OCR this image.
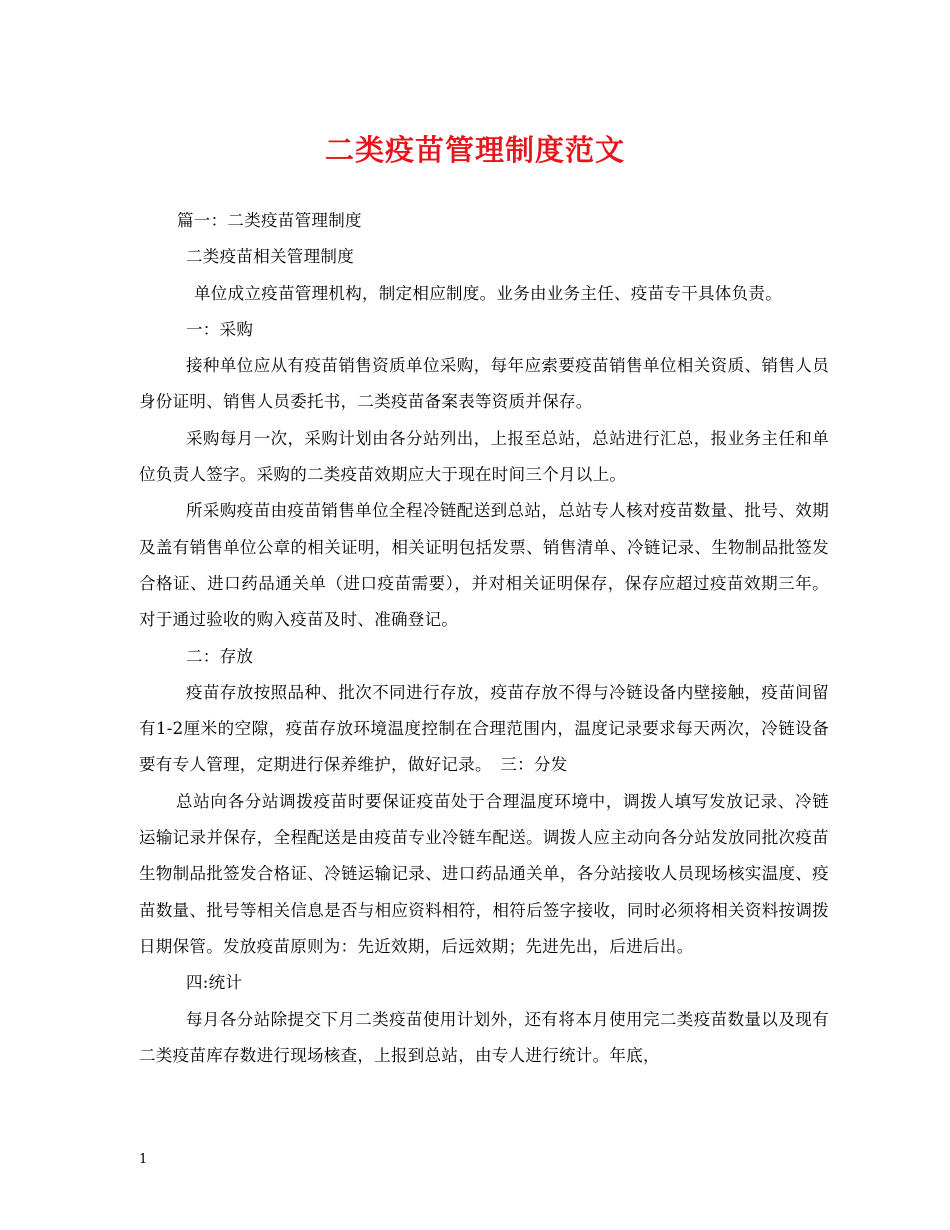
二类疫苗管理制度范文

篇一：二类疫苗管理制度

二类疫苗相关管理制度

单位成立疫苗管理机构，制定相应制度。业务由业务主任、疫苗专干具体负责。

一：采购

接种单位应从有疫苗销售资质单位采购，每年应索要疫苗销售单位相关资质、销售人员身份证明、销售人员委托书，二类疫苗备案表等资质并保存。

采购每月一次，采购计划由各分站列出，上报至总站，总站进行汇总，报业务主任和单位负责人签字。采购的二类疫苗效期应大于现在时间三个月以上。

所采购疫苗由疫苗销售单位全程冷链配送到总站，总站专人核对疫苗数量、批号、效期及盖有销售单位公章的相关证明，相关证明包括发票、销售清单、冷链记录、生物制品批签发合格证、进口药品通关单（进口疫苗需要），并对相关证明保存，保存应超过疫苗效期三年。对于通过验收的购入疫苗及时、准确登记。

二：存放

疫苗存放按照品种、批次不同进行存放，疫苗存放不得与冷链设备内壁接触，疫苗间留有1-2厘米的空隙，疫苗存放环境温度控制在合理范围内，温度记录要求每天两次，冷链设备要有专人管理，定期进行保养维护，做好记录。　三：分发

总站向各分站调拨疫苗时要保证疫苗处于合理温度环境中，调拨人填写发放记录、冷链运输记录并保存，全程配送是由疫苗专业冷链车配送。调拨人应主动向各分站发放同批次疫苗生物制品批签发合格证、冷链运输记录、进口药品通关单，各分站接收人员现场核实温度、疫苗数量、批号等相关信息是否与相应资料相符，相符后签字接收，同时必须将相关资料按调拨日期保管。发放疫苗原则为：先近效期，后远效期；先进先出，后进后出。

四:统计

每月各分站除提交下月二类疫苗使用计划外，还有将本月使用完二类疫苗数量以及现有二类疫苗库存数进行现场核查，上报到总站，由专人进行统计。年底，

1
